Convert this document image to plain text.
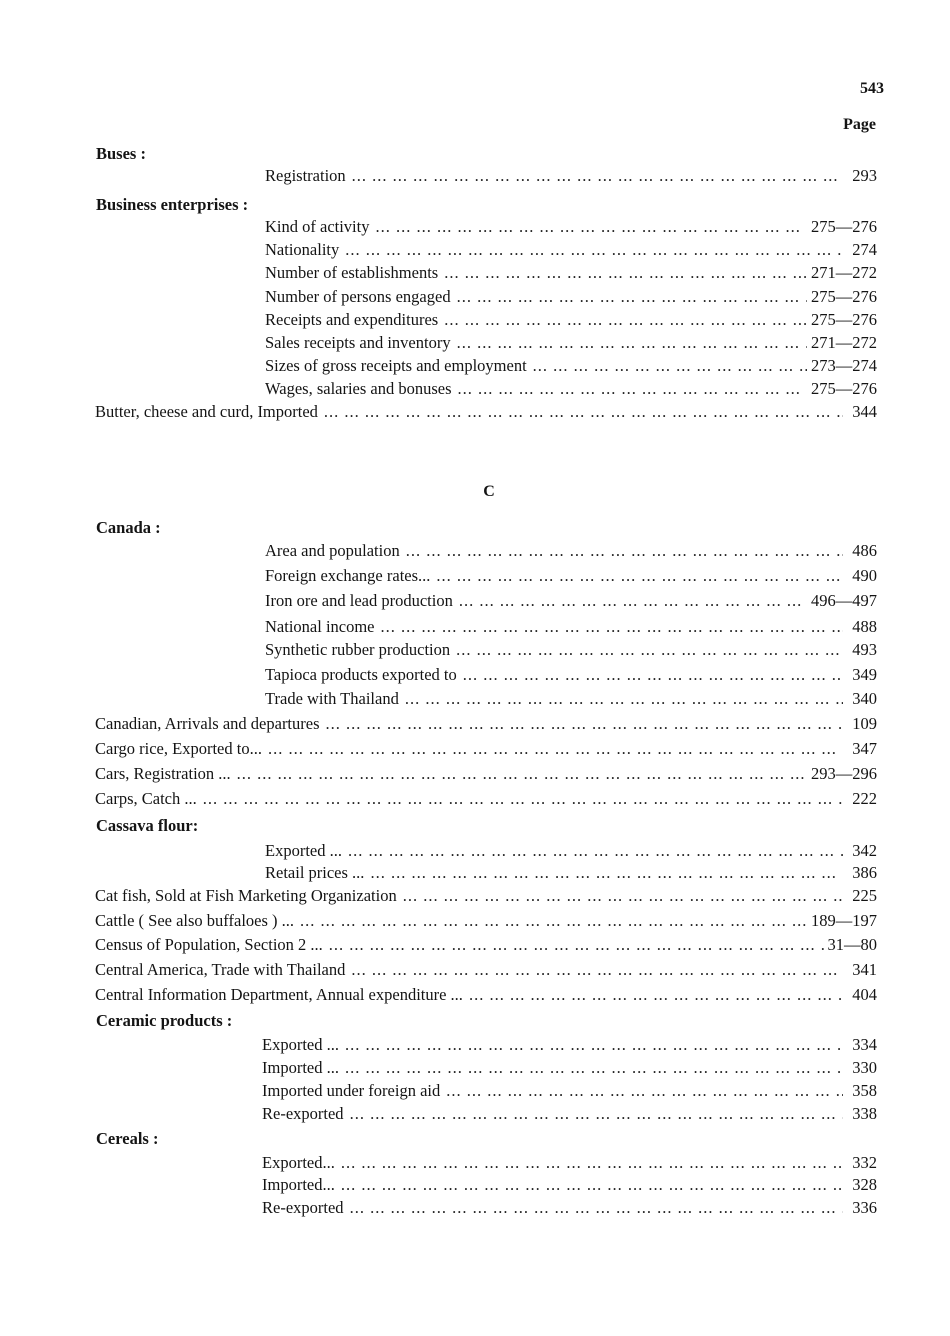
543
Page
Buses :
Registration ... .	293
Business enterprises :
Kind of activity ... .	275—276
Nationality ... .	274
Number of establishments ... .	271—272
Number of persons engaged ... .	275—276
Receipts and expenditures ... .	275—276
Sales receipts and inventory ... .	271—272
Sizes of gross receipts and employment ... .	273—274
Wages, salaries and bonuses ... .	275—276
Butter, cheese and curd, Imported ... .	344
C
Canada :
Area and population ... .	486
Foreign exchange rates... ... .	490
Iron ore and lead production ... .	496—497
National income ... .	488
Synthetic rubber production ... .	493
Tapioca products exported to ... .	349
Trade with Thailand ... .	340
Canadian, Arrivals and departures ... .	109
Cargo rice, Exported to... ... .	347
Cars, Registration ... ... .	293—296
Carps, Catch ... ... .	222
Cassava flour:
Exported ... ... .	342
Retail prices ... ... .	386
Cat fish, Sold at Fish Marketing Organization ... .	225
Cattle ( See also buffaloes ) ... ... .	189—197
Census of Population, Section 2 ... ... .	31—80
Central America, Trade with Thailand ... .	341
Central Information Department, Annual expenditure ... ... .	404
Ceramic products :
Exported ... ... .	334
Imported ... ... .	330
Imported under foreign aid ... .	358
Re-exported ... .	338
Cereals :
Exported... ... .	332
Imported... ... .	328
Re-exported ... .	336
